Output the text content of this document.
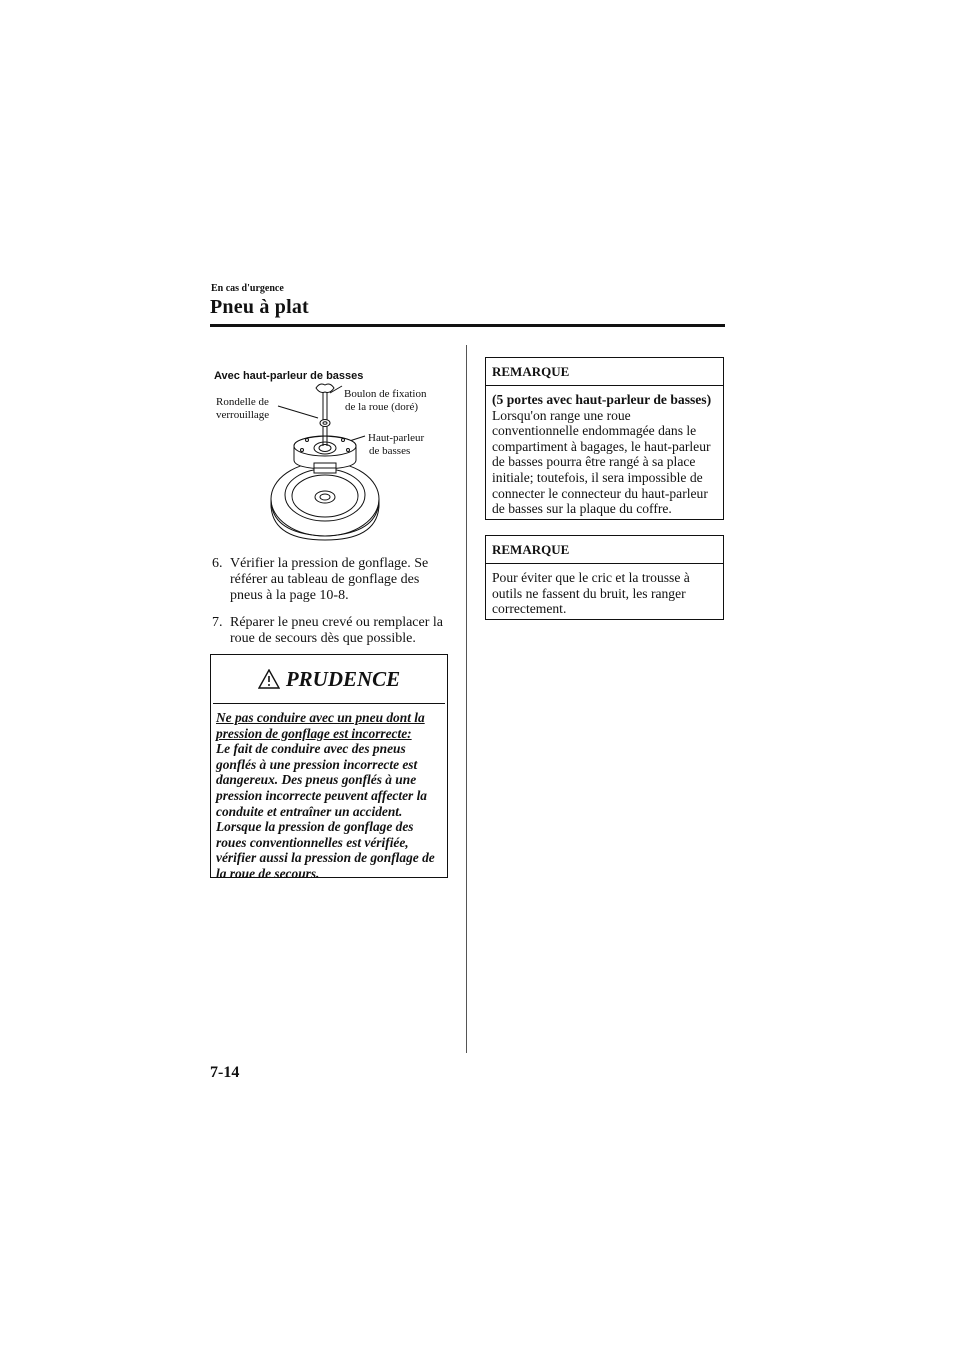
En cas d'urgence
Pneu à plat
Avec haut-parleur de basses
Rondelle de
verrouillage
Boulon de fixation
de la roue (doré)
Haut-parleur
de basses
6. Vérifier la pression de gonflage. Se référer au tableau de gonflage des pneus à la page 10-8.
7. Réparer le pneu crevé ou remplacer la roue de secours dès que possible.
PRUDENCE
Ne pas conduire avec un pneu dont la pression de gonflage est incorrecte:
Le fait de conduire avec des pneus gonflés à une pression incorrecte est dangereux. Des pneus gonflés à une pression incorrecte peuvent affecter la conduite et entraîner un accident. Lorsque la pression de gonflage des roues conventionnelles est vérifiée, vérifier aussi la pression de gonflage de la roue de secours.
REMARQUE
(5 portes avec haut-parleur de basses)
Lorsqu'on range une roue conventionnelle endommagée dans le compartiment à bagages, le haut-parleur de basses pourra être rangé à sa place initiale; toutefois, il sera impossible de connecter le connecteur du haut-parleur de basses sur la plaque du coffre.
REMARQUE
Pour éviter que le cric et la trousse à outils ne fassent du bruit, les ranger correctement.
7-14
